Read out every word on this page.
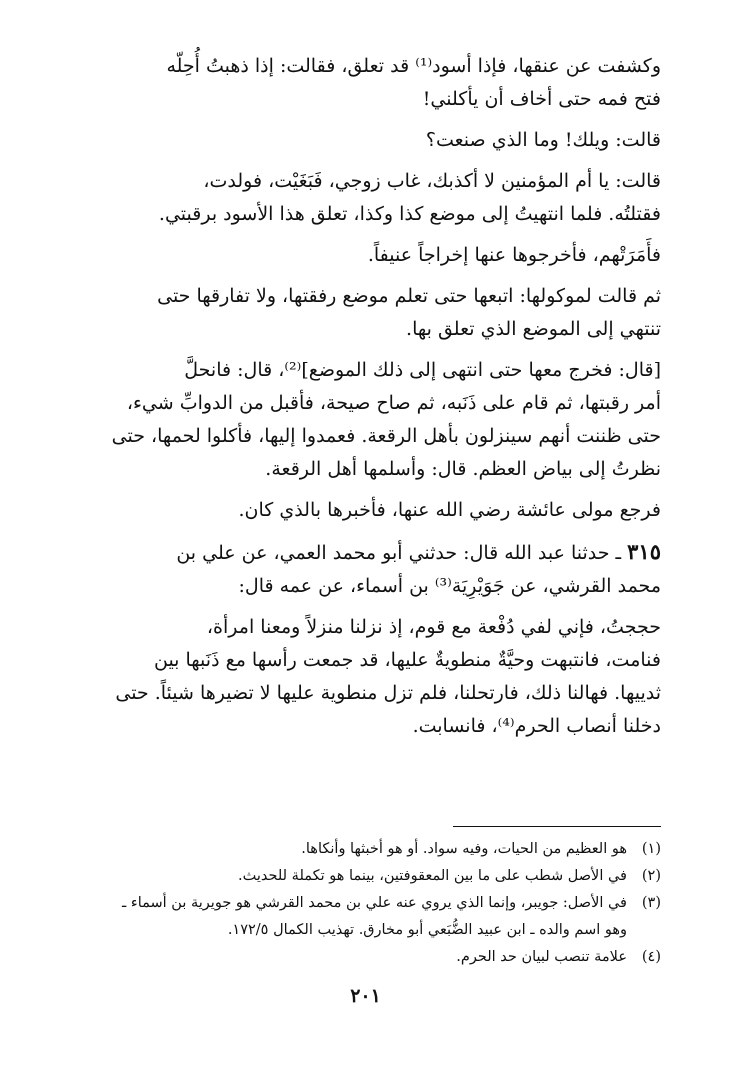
وكشفت عن عنقها، فإذا أسود⁽¹⁾ قد تعلق، فقالت: إذا ذهبتُ أُحِلّه
فتح فمه حتى أخاف أن يأكلني!

قالت: ويلك! وما الذي صنعت؟

قالت: يا أم المؤمنين لا أكذبك، غاب زوجي، فَبَغَيْت، فولدت،
فقتلتُه. فلما انتهيتُ إلى موضع كذا وكذا، تعلق هذا الأسود برقبتي.

فأَمَرَتْهم، فأخرجوها عنها إخراجاً عنيفاً.

ثم قالت لموكولها: اتبعها حتى تعلم موضع رفقتها، ولا تفارقها حتى
تنتهي إلى الموضع الذي تعلق بها.

[قال: فخرج معها حتى انتهى إلى ذلك الموضع]⁽²⁾، قال: فانحلَّ
أمر رقبتها، ثم قام على ذَنَبه، ثم صاح صيحة، فأقبل من الدوابِّ شيء،
حتى ظننت أنهم سينزلون بأهل الرقعة. فعمدوا إليها، فأكلوا لحمها، حتى
نظرتُ إلى بياض العظم. قال: وأسلمها أهل الرقعة.

فرجع مولى عائشة رضي الله عنها، فأخبرها بالذي كان.

٣١٥ ـ حدثنا عبد الله قال: حدثني أبو محمد العمي، عن علي بن
محمد القرشي، عن جَوَيْرِيَة⁽³⁾ بن أسماء، عن عمه قال:

حججتُ، فإني لفي دُفْعة مع قوم، إذ نزلنا منزلاً ومعنا امرأة،
فنامت، فانتبهت وحيَّةٌ منطويةٌ عليها، قد جمعت رأسها مع ذَنَبها بين
ثدييها. فهالنا ذلك، فارتحلنا، فلم تزل منطوية عليها لا تضيرها شيئاً. حتى
دخلنا أنصاب الحرم⁽⁴⁾، فانسابت.

(١)هو العظيم من الحيات، وفيه سواد. أو هو أخبثها وأنكاها.
(٢)في الأصل شطب على ما بين المعقوفتين، بينما هو تكملة للحديث.
(٣)في الأصل: جويبر، وإنما الذي يروي عنه علي بن محمد القرشي هو جويرية بن أسماء ـ
وهو اسم والده ـ ابن عبيد الضُّبَعي أبو مخارق. تهذيب الكمال ١٧٢/٥.
(٤)علامة تنصب لبيان حد الحرم.
٢٠١
